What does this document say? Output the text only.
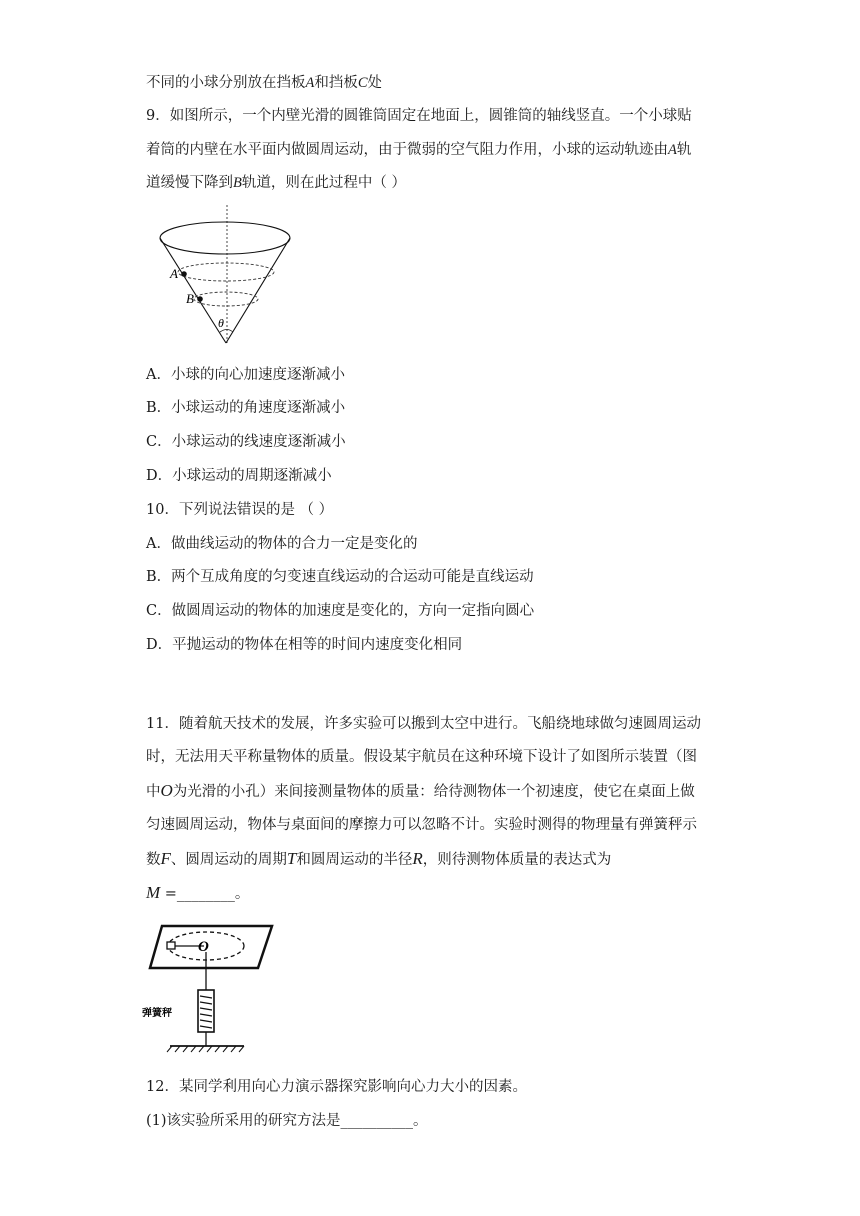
不同的小球分别放在挡板A和挡板C处
9．如图所示，一个内壁光滑的圆锥筒固定在地面上，圆锥筒的轴线竖直。一个小球贴
着筒的内壁在水平面内做圆周运动，由于微弱的空气阻力作用，小球的运动轨迹由A轨
道缓慢下降到B轨道，则在此过程中（ ）
A
B
θ
A．小球的向心加速度逐渐减小
B．小球运动的角速度逐渐减小
C．小球运动的线速度逐渐减小
D．小球运动的周期逐渐减小
10．下列说法错误的是 （ ）
A．做曲线运动的物体的合力一定是变化的
B．两个互成角度的匀变速直线运动的合运动可能是直线运动
C．做圆周运动的物体的加速度是变化的，方向一定指向圆心
D．平抛运动的物体在相等的时间内速度变化相同
11．随着航天技术的发展，许多实验可以搬到太空中进行。飞船绕地球做匀速圆周运动
时，无法用天平称量物体的质量。假设某宇航员在这种环境下设计了如图所示装置（图
中O为光滑的小孔）来间接测量物体的质量：给待测物体一个初速度，使它在桌面上做
匀速圆周运动，物体与桌面间的摩擦力可以忽略不计。实验时测得的物理量有弹簧秤示
数F、圆周运动的周期T和圆周运动的半径R，则待测物体质量的表达式为
M =________。
O
弹簧秤
12．某同学利用向心力演示器探究影响向心力大小的因素。
(1)该实验所采用的研究方法是__________。
